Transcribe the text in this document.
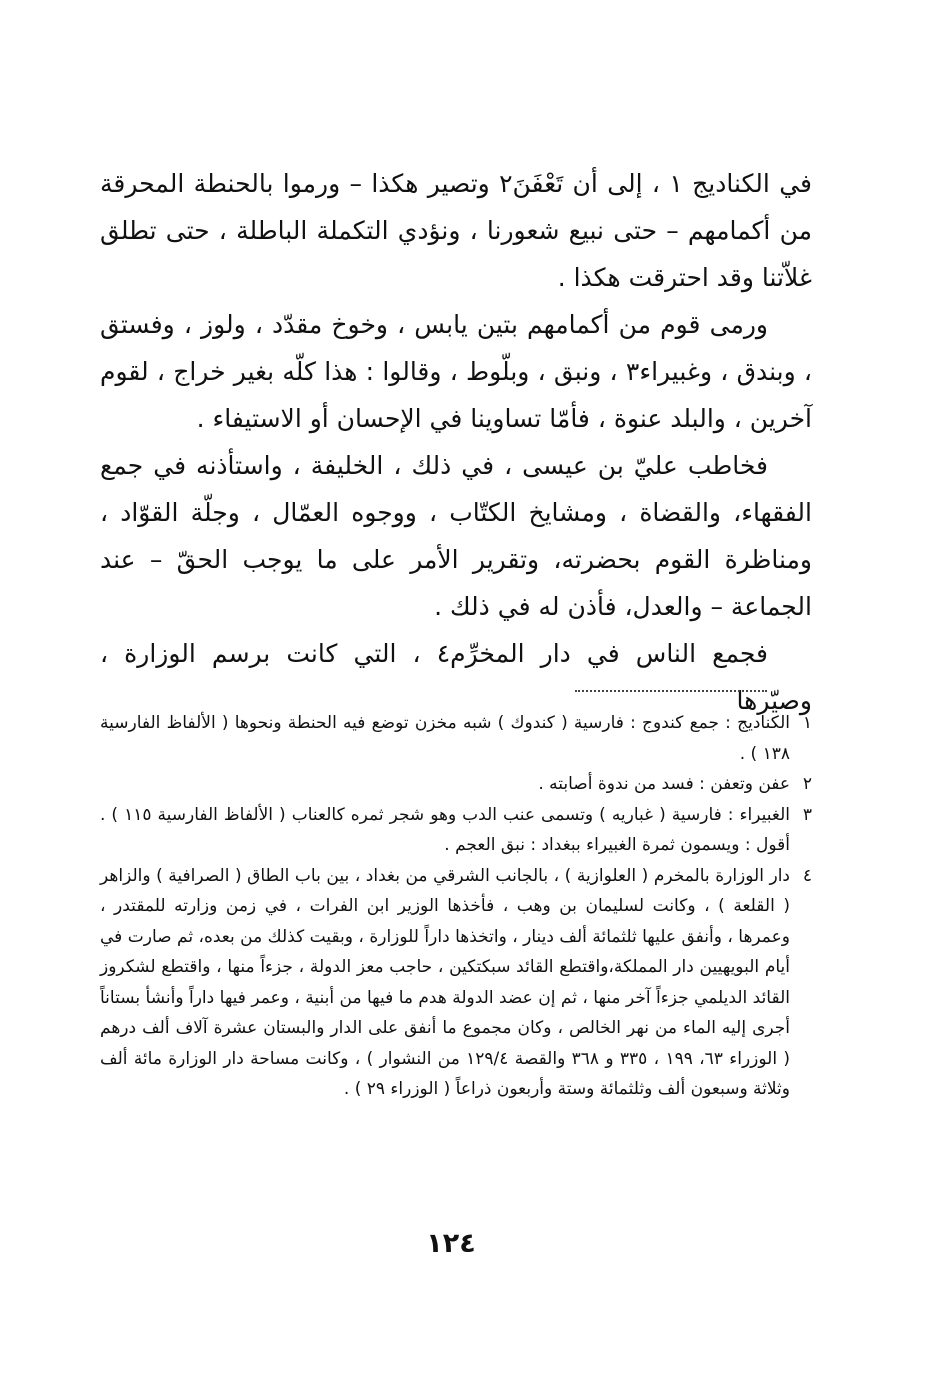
في الكناديج ١ ، إلى أن تَعْفَنَ٢ وتصير هكذا – ورموا بالحنطة المحرقة من أكمامهم – حتى نبيع شعورنا ، ونؤدي التكملة الباطلة ، حتى تطلق غلاّتنا وقد احترقت هكذا .

ورمى قوم من أكمامهم بتين يابس ، وخوخ مقدّد ، ولوز ، وفستق ، وبندق ، وغبيراء٣ ، ونبق ، وبلّوط ، وقالوا : هذا كلّه بغير خراج ، لقوم آخرين ، والبلد عنوة ، فأمّا تساوينا في الإحسان أو الاستيفاء .

فخاطب عليّ بن عيسى ، في ذلك ، الخليفة ، واستأذنه في جمع الفقهاء، والقضاة ، ومشايخ الكتّاب ، ووجوه العمّال ، وجلّة القوّاد ، ومناظرة القوم بحضرته، وتقرير الأمر على ما يوجب الحقّ – عند الجماعة – والعدل، فأذن له في ذلك .

فجمع الناس في دار المخرِّم٤ ، التي كانت برسم الوزارة ، وصيّرها

١
الكناديج : جمع كندوج : فارسية ( كندوك ) شبه مخزن توضع فيه الحنطة ونحوها ( الألفاظ الفارسية ١٣٨ ) .
٢
عفن وتعفن : فسد من ندوة أصابته .
٣
الغبيراء : فارسية ( غباريه ) وتسمى عنب الدب وهو شجر ثمره كالعناب ( الألفاظ الفارسية ١١٥ ) . أقول : ويسمون ثمرة الغبيراء ببغداد : نبق العجم .
٤
دار الوزارة بالمخرم ( العلوازية ) ، بالجانب الشرقي من بغداد ، بين باب الطاق ( الصرافية ) والزاهر ( القلعة ) ، وكانت لسليمان بن وهب ، فأخذها الوزير ابن الفرات ، في زمن وزارته للمقتدر ، وعمرها ، وأنفق عليها ثلثمائة ألف دينار ، واتخذها داراً للوزارة ، وبقيت كذلك من بعده، ثم صارت في أيام البويهيين دار المملكة،واقتطع القائد سبكتكين ، حاجب معز الدولة ، جزءاً منها ، واقتطع لشكروز القائد الديلمي جزءاً آخر منها ، ثم إن عضد الدولة هدم ما فيها من أبنية ، وعمر فيها داراً وأنشأ بستاناً أجرى إليه الماء من نهر الخالص ، وكان مجموع ما أنفق على الدار والبستان عشرة آلاف ألف درهم ( الوزراء ٦٣، ١٩٩ ، ٣٣٥ و ٣٦٨ والقصة ١٢٩/٤ من النشوار ) ، وكانت مساحة دار الوزارة مائة ألف وثلاثة وسبعون ألف وثلثمائة وستة وأربعون ذراعاً ( الوزراء ٢٩ ) .
١٢٤
